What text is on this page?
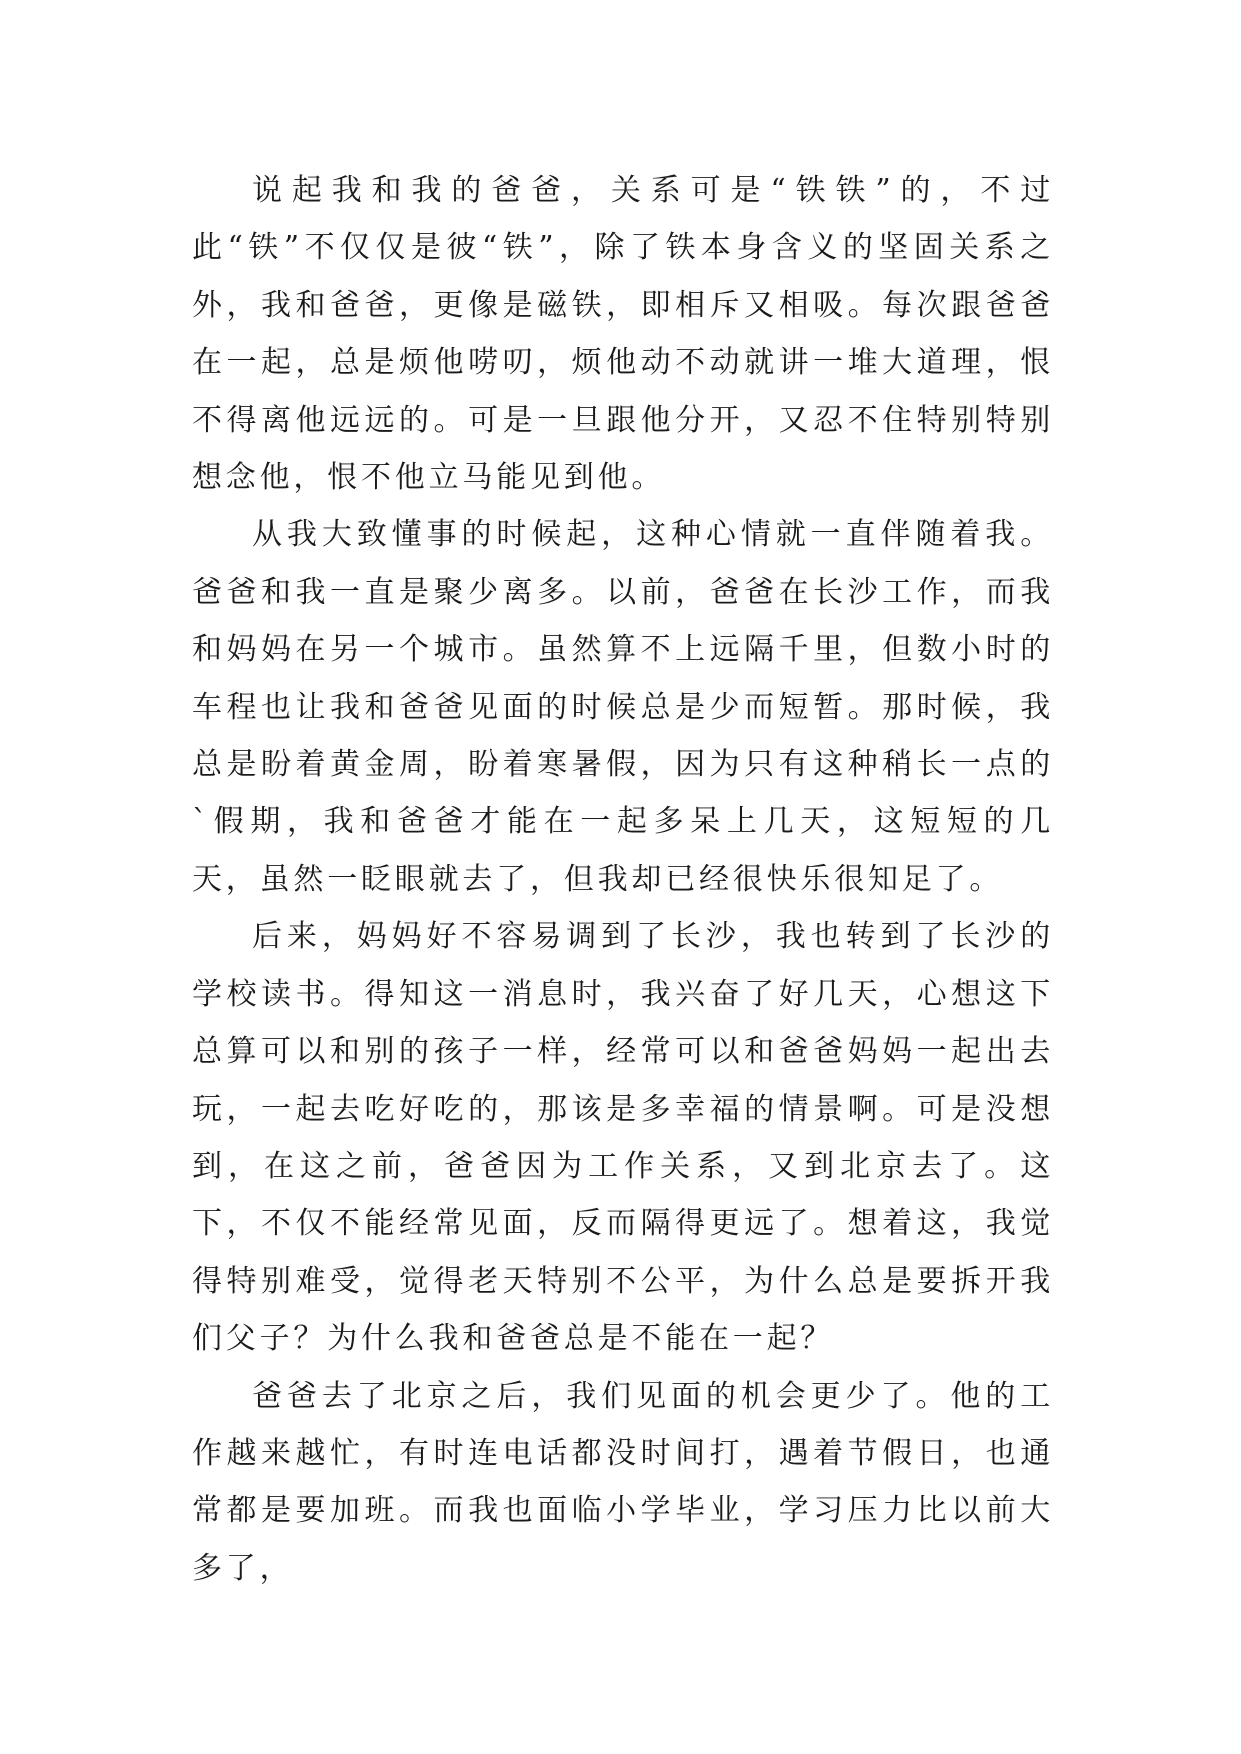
说起我和我的爸爸，关系可是“铁铁”的，不过此“铁”不仅仅是彼“铁”，除了铁本身含义的坚固关系之外，我和爸爸，更像是磁铁，即相斥又相吸。每次跟爸爸在一起，总是烦他唠叨，烦他动不动就讲一堆大道理，恨不得离他远远的。可是一旦跟他分开，又忍不住特别特别想念他，恨不他立马能见到他。

从我大致懂事的时候起，这种心情就一直伴随着我。爸爸和我一直是聚少离多。以前，爸爸在长沙工作，而我和妈妈在另一个城市。虽然算不上远隔千里，但数小时的车程也让我和爸爸见面的时候总是少而短暂。那时候，我总是盼着黄金周，盼着寒暑假，因为只有这种稍长一点的`假期，我和爸爸才能在一起多呆上几天，这短短的几天，虽然一眨眼就去了，但我却已经很快乐很知足了。

后来，妈妈好不容易调到了长沙，我也转到了长沙的学校读书。得知这一消息时，我兴奋了好几天，心想这下总算可以和别的孩子一样，经常可以和爸爸妈妈一起出去玩，一起去吃好吃的，那该是多幸福的情景啊。可是没想到，在这之前，爸爸因为工作关系，又到北京去了。这下，不仅不能经常见面，反而隔得更远了。想着这，我觉得特别难受，觉得老天特别不公平，为什么总是要拆开我们父子？为什么我和爸爸总是不能在一起？

爸爸去了北京之后，我们见面的机会更少了。他的工作越来越忙，有时连电话都没时间打，遇着节假日，也通常都是要加班。而我也面临小学毕业，学习压力比以前大多了，
